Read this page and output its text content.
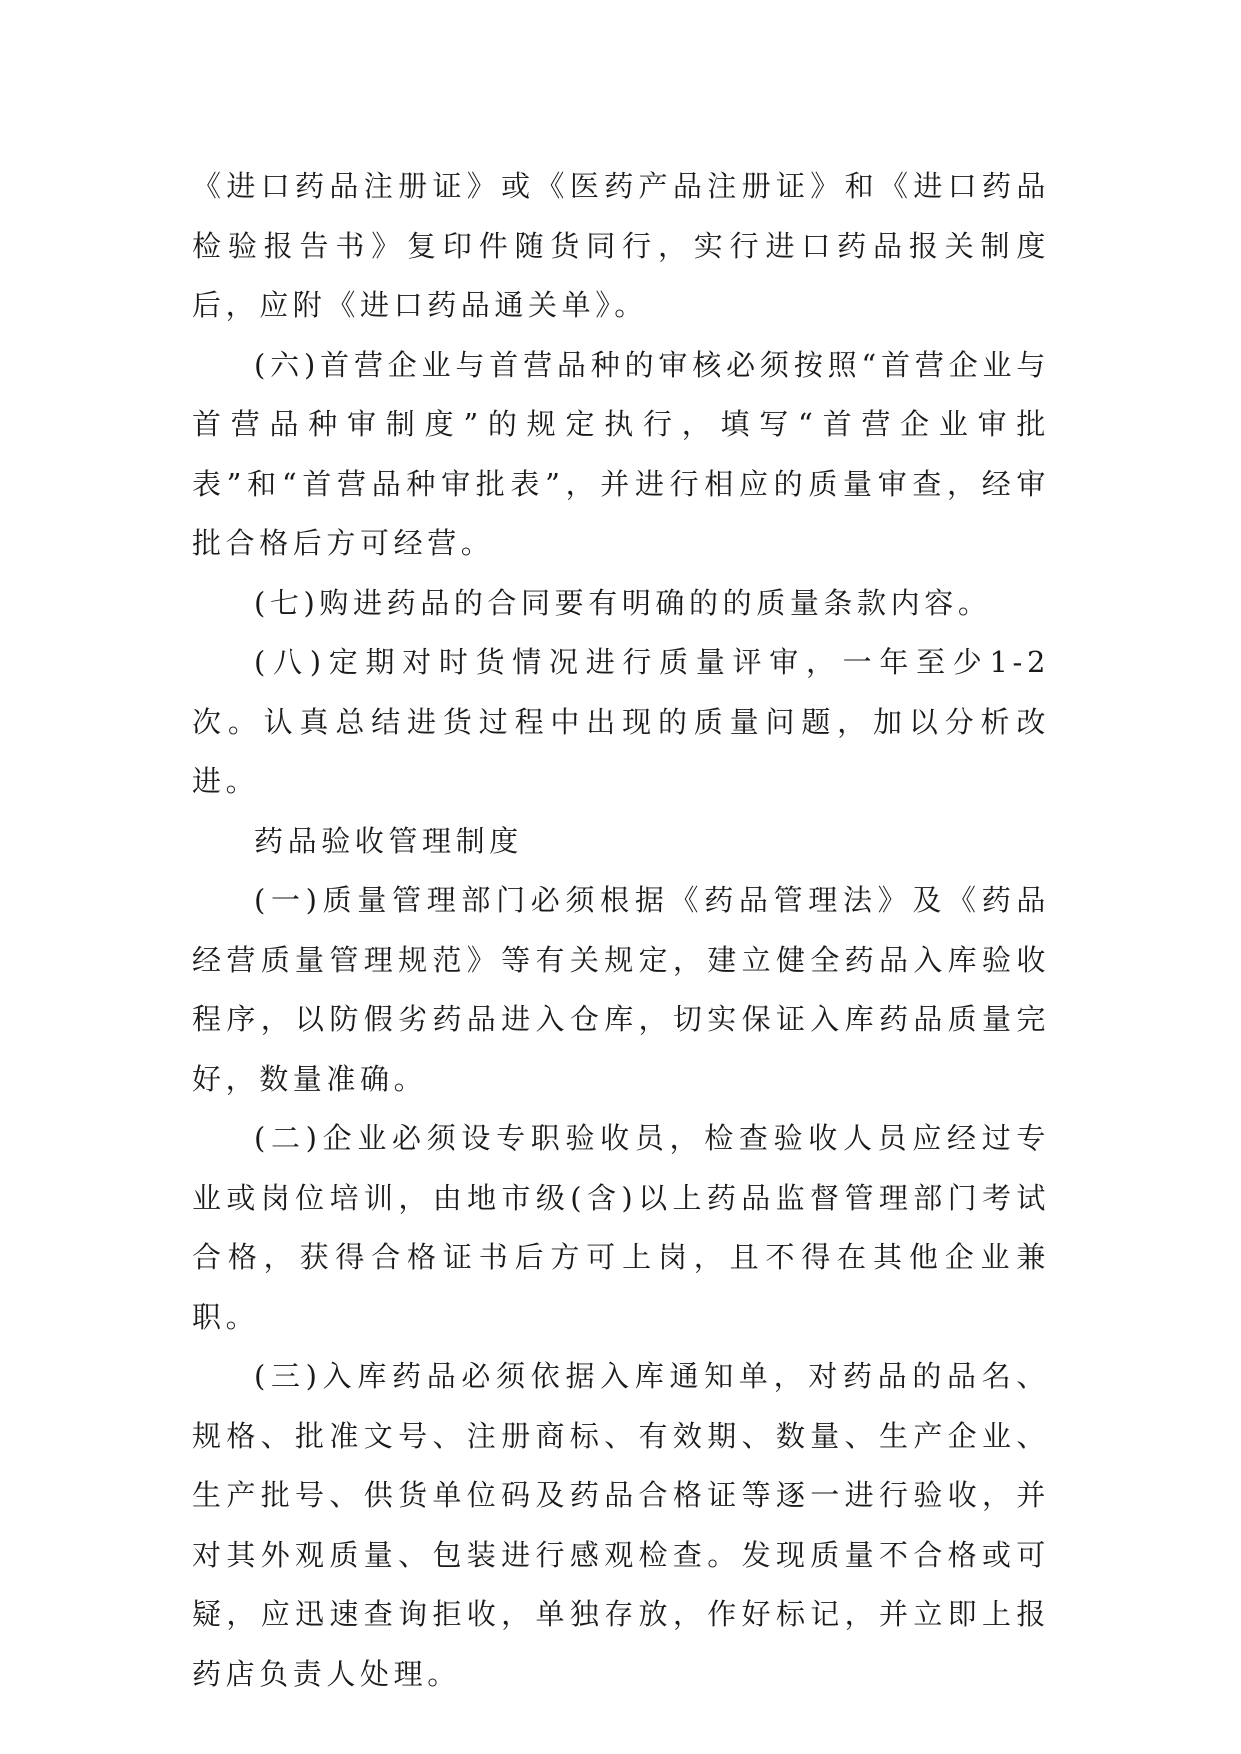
《进口药品注册证》或《医药产品注册证》和《进口药品检验报告书》复印件随货同行，实行进口药品报关制度后，应附《进口药品通关单》。

(六)首营企业与首营品种的审核必须按照“首营企业与首营品种审制度”的规定执行，填写“首营企业审批表”和“首营品种审批表”，并进行相应的质量审查，经审批合格后方可经营。

(七)购进药品的合同要有明确的的质量条款内容。

(八)定期对时货情况进行质量评审，一年至少1-2次。认真总结进货过程中出现的质量问题，加以分析改进。

药品验收管理制度

(一)质量管理部门必须根据《药品管理法》及《药品经营质量管理规范》等有关规定，建立健全药品入库验收程序，以防假劣药品进入仓库，切实保证入库药品质量完好，数量准确。

(二)企业必须设专职验收员，检查验收人员应经过专业或岗位培训，由地市级(含)以上药品监督管理部门考试合格，获得合格证书后方可上岗，且不得在其他企业兼职。

(三)入库药品必须依据入库通知单，对药品的品名、规格、批准文号、注册商标、有效期、数量、生产企业、生产批号、供货单位码及药品合格证等逐一进行验收，并对其外观质量、包装进行感观检查。发现质量不合格或可疑，应迅速查询拒收，单独存放，作好标记，并立即上报药店负责人处理。
